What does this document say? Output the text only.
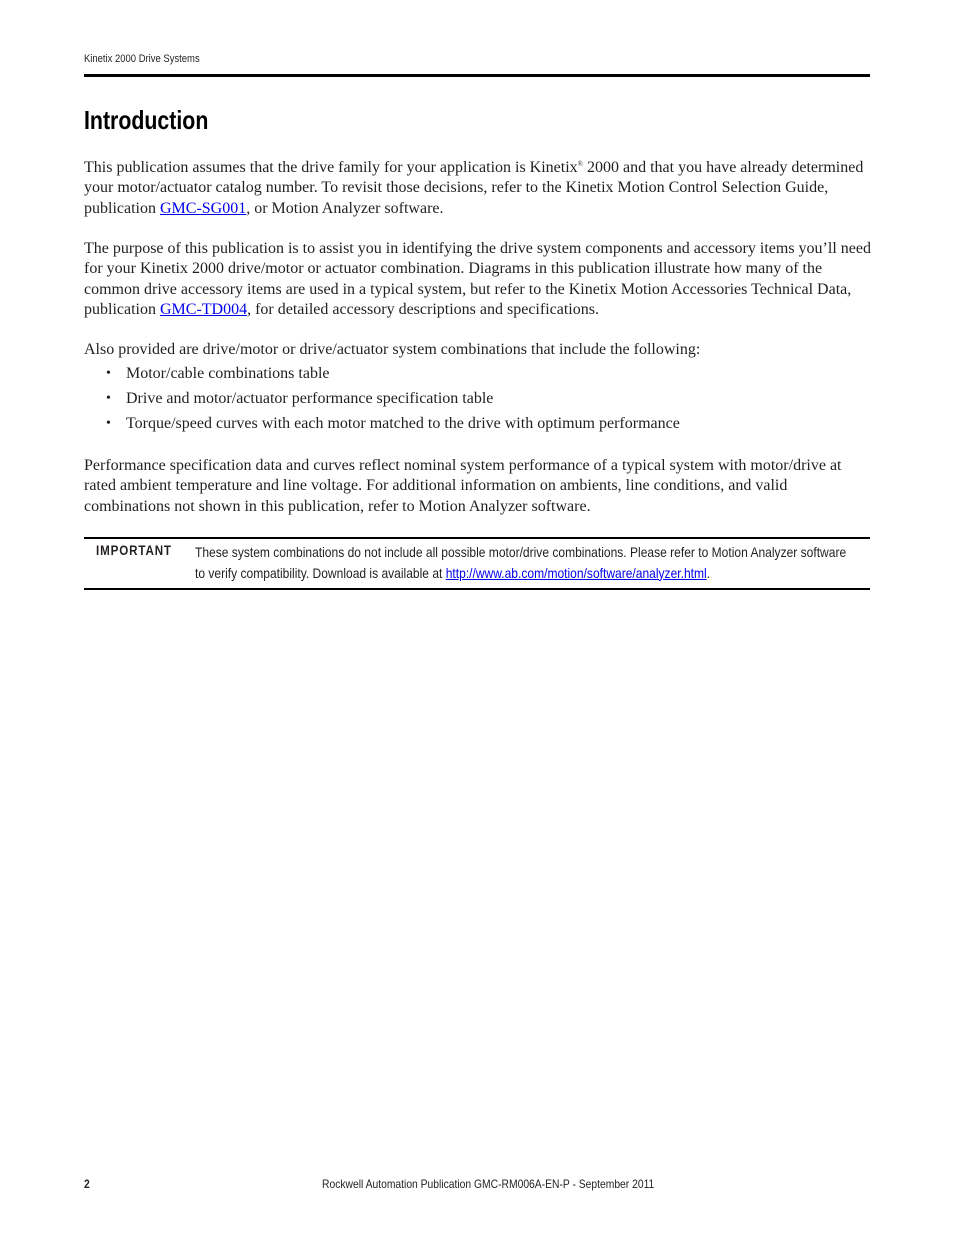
Kinetix 2000 Drive Systems
Introduction

This publication assumes that the drive family for your application is Kinetix® 2000 and that you have already determined your motor/actuator catalog number. To revisit those decisions, refer to the Kinetix Motion Control Selection Guide, publication GMC-SG001, or Motion Analyzer software.

The purpose of this publication is to assist you in identifying the drive system components and accessory items you’ll need for your Kinetix 2000 drive/motor or actuator combination. Diagrams in this publication illustrate how many of the common drive accessory items are used in a typical system, but refer to the Kinetix Motion Accessories Technical Data, publication GMC-TD004, for detailed accessory descriptions and specifications.

Also provided are drive/motor or drive/actuator system combinations that include the following:

• Motor/cable combinations table
• Drive and motor/actuator performance specification table
• Torque/speed curves with each motor matched to the drive with optimum performance

Performance specification data and curves reflect nominal system performance of a typical system with motor/drive at rated ambient temperature and line voltage. For additional information on ambients, line conditions, and valid combinations not shown in this publication, refer to Motion Analyzer software.

IMPORTANT These system combinations do not include all possible motor/drive combinations. Please refer to Motion Analyzer software to verify compatibility. Download is available at http://www.ab.com/motion/software/analyzer.html.

2	Rockwell Automation Publication GMC-RM006A-EN-P - September 2011
